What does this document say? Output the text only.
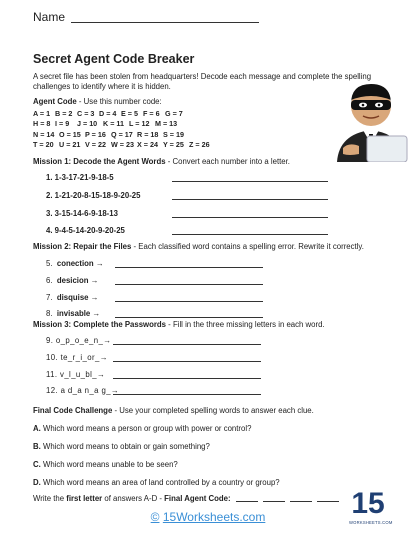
Name
Secret Agent Code Breaker
A secret file has been stolen from headquarters! Decode each message and complete the spelling challenges to identify where it is hidden.
Agent Code - Use this number code:
A = 1 B = 2 C = 3 D = 4 E = 5 F = 6 G = 7
H = 8 I = 9 J = 10 K = 11 L = 12 M = 13
N = 14 O = 15 P = 16 Q = 17 R = 18 S = 19
T = 20 U = 21 V = 22 W = 23 X = 24 Y = 25 Z = 26
Mission 1: Decode the Agent Words - Convert each number into a letter.
1. 1-3-17-21-9-18-5
2. 1-21-20-8-15-18-9-20-25
3. 3-15-14-6-9-18-13
4. 9-4-5-14-20-9-20-25
Mission 2: Repair the Files - Each classified word contains a spelling error. Rewrite it correctly.
5. conection →
6. desicion →
7. disquise →
8. invisable →
Mission 3: Complete the Passwords - Fill in the three missing letters in each word.
9. o_p_o_e_n_→
10. te_r_i_or_→
11. v_l_u_bl_→
12. a d_a n_a g_→
Final Code Challenge - Use your completed spelling words to answer each clue.
A. Which word means a person or group with power or control?
B. Which word means to obtain or gain something?
C. Which word means unable to be seen?
D. Which word means an area of land controlled by a country or group?
Write the first letter of answers A-D - Final Agent Code:
© 15Worksheets.com	15
WORKSHEETS.COM
